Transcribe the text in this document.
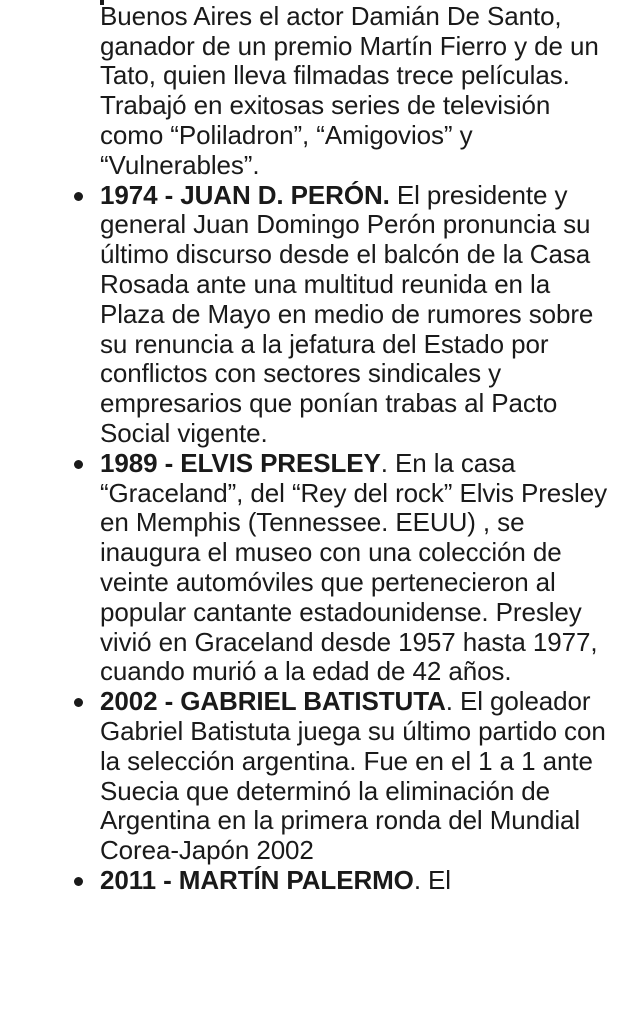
Buenos Aires el actor Damián De Santo, ganador de un premio Martín Fierro y de un Tato, quien lleva filmadas trece películas. Trabajó en exitosas series de televisión como “Poliladron”, “Amigovios” y “Vulnerables”.
1974 - JUAN D. PERÓN. El presidente y general Juan Domingo Perón pronuncia su último discurso desde el balcón de la Casa Rosada ante una multitud reunida en la Plaza de Mayo en medio de rumores sobre su renuncia a la jefatura del Estado por conflictos con sectores sindicales y empresarios que ponían trabas al Pacto Social vigente.
1989 - ELVIS PRESLEY. En la casa “Graceland”, del “Rey del rock” Elvis Presley en Memphis (Tennessee. EEUU) , se inaugura el museo con una colección de veinte automóviles que pertenecieron al popular cantante estadounidense. Presley vivió en Graceland desde 1957 hasta 1977, cuando murió a la edad de 42 años.
2002 - GABRIEL BATISTUTA. El goleador Gabriel Batistuta juega su último partido con la selección argentina. Fue en el 1 a 1 ante Suecia que determinó la eliminación de Argentina en la primera ronda del Mundial Corea-Japón 2002
2011 - MARTÍN PALERMO. El
